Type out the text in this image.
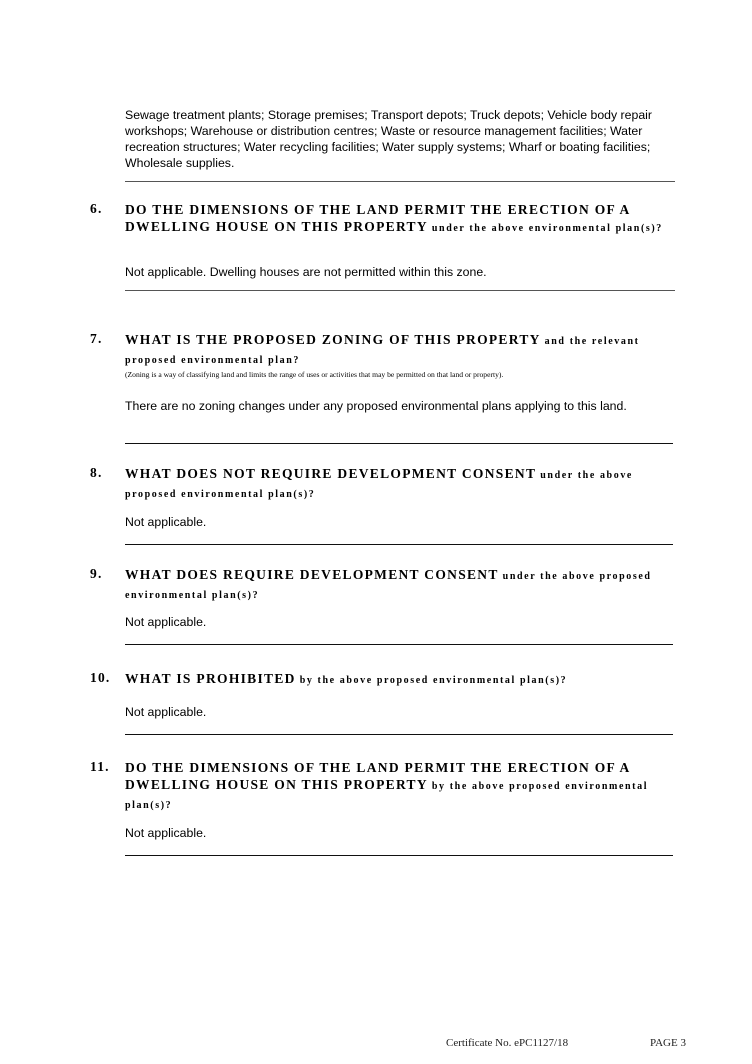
Sewage treatment plants; Storage premises; Transport depots; Truck depots; Vehicle body repair workshops; Warehouse or distribution centres; Waste or resource management facilities; Water recreation structures; Water recycling facilities; Water supply systems; Wharf or boating facilities; Wholesale supplies.
6. DO THE DIMENSIONS OF THE LAND PERMIT THE ERECTION OF A DWELLING HOUSE ON THIS PROPERTY under the above environmental plan(s)?
Not applicable. Dwelling houses are not permitted within this zone.
7. WHAT IS THE PROPOSED ZONING OF THIS PROPERTY and the relevant proposed environmental plan?
(Zoning is a way of classifying land and limits the range of uses or activities that may be permitted on that land or property).
There are no zoning changes under any proposed environmental plans applying to this land.
8. WHAT DOES NOT REQUIRE DEVELOPMENT CONSENT under the above proposed environmental plan(s)?
Not applicable.
9. WHAT DOES REQUIRE DEVELOPMENT CONSENT under the above proposed environmental plan(s)?
Not applicable.
10. WHAT IS PROHIBITED by the above proposed environmental plan(s)?
Not applicable.
11. DO THE DIMENSIONS OF THE LAND PERMIT THE ERECTION OF A DWELLING HOUSE ON THIS PROPERTY by the above proposed environmental plan(s)?
Not applicable.
Certificate No. ePC1127/18	PAGE 3
